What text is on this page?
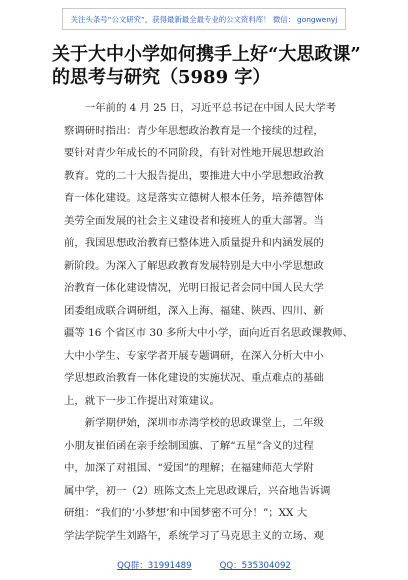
关注头条号“公文研究”，获得最新最全最专业的公文资料库！ 微信： gongwenyj
关于大中小学如何携手上好“大思政课”
的思考与研究（5989 字）
　　一年前的 4 月 25 日，习近平总书记在中国人民大学考
察调研时指出：青少年思想政治教育是一个接续的过程，
要针对青少年成长的不同阶段，有针对性地开展思想政治
教育。党的二十大报告提出，要推进大中小学思想政治教
育一体化建设。这是落实立德树人根本任务，培养德智体
美劳全面发展的社会主义建设者和接班人的重大部署。当
前，我国思想政治教育已整体进入质量提升和内涵发展的
新阶段。为深入了解思政教育发展特别是大中小学思想政
治教育一体化建设情况，光明日报记者会同中国人民大学
团委组成联合调研组，深入上海、福建、陕西、四川、新
疆等 16 个省区市 30 多所大中小学，面向近百名思政课教师、
大中小学生、专家学者开展专题调研，在深入分析大中小
学思想政治教育一体化建设的实施状况、重点难点的基础
上，就下一步工作提出对策建议。
　　新学期伊始，深圳市赤湾学校的思政课堂上，二年级
小朋友崔佰函在亲手绘制国旗、了解“五星”含义的过程
中，加深了对祖国、“爱国”的理解；在福建师范大学附
属中学，初一（2）班陈文杰上完思政课后，兴奋地告诉调
研组：“我们的‘小梦想’和中国梦密不可分！”；XX 大
学法学院学生刘路午，系统学习了马克思主义的立场、观
QQ群：31991489	QQ：535304092
